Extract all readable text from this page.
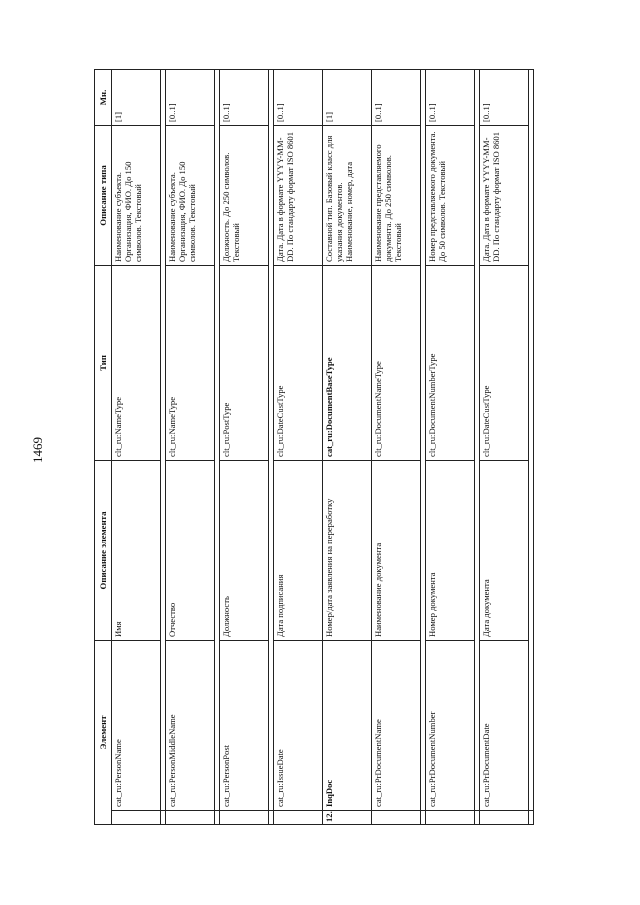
1469
Элемент		Описание элемента	Тип	Описание типа	Мн.
	cat_ru:PersonName	Имя	clt_ru:NameType	Наименование субъекта. Организация, ФИО. До 150 символов. Текстовый	[1]

	cat_ru:PersonMiddleName	Отчество	clt_ru:NameType	Наименование субъекта. Организация, ФИО. До 150 символов. Текстовый	[0..1]

	cat_ru:PersonPost	Должность	clt_ru:PostType	Должность. До 250 символов. Текстовый	[0..1]

	cat_ru:IssueDate	Дата подписания	clt_ru:DateCustType	Дата. Дата в формате YYYY-MM-DD. По стандарту формат ISO 8601	[0..1]
12.	InqDoc	Номер/дата заявления на переработку	cat_ru:DocumentBaseType	Составной тип. Базовый класс для указания документов. Наименование, номер, дата	[1]
	cat_ru:PrDocumentName	Наименование документа	clt_ru:DocumentNameType	Наименование представляемого документа. До 250 символов. Текстовый	[0..1]

	cat_ru:PrDocumentNumber	Номер документа	clt_ru:DocumentNumberType	Номер представляемого документа. До 50 символов. Текстовый	[0..1]

	cat_ru:PrDocumentDate	Дата документа	clt_ru:DateCustType	Дата. Дата в формате YYYY-MM-DD. По стандарту формат ISO 8601	[0..1]
